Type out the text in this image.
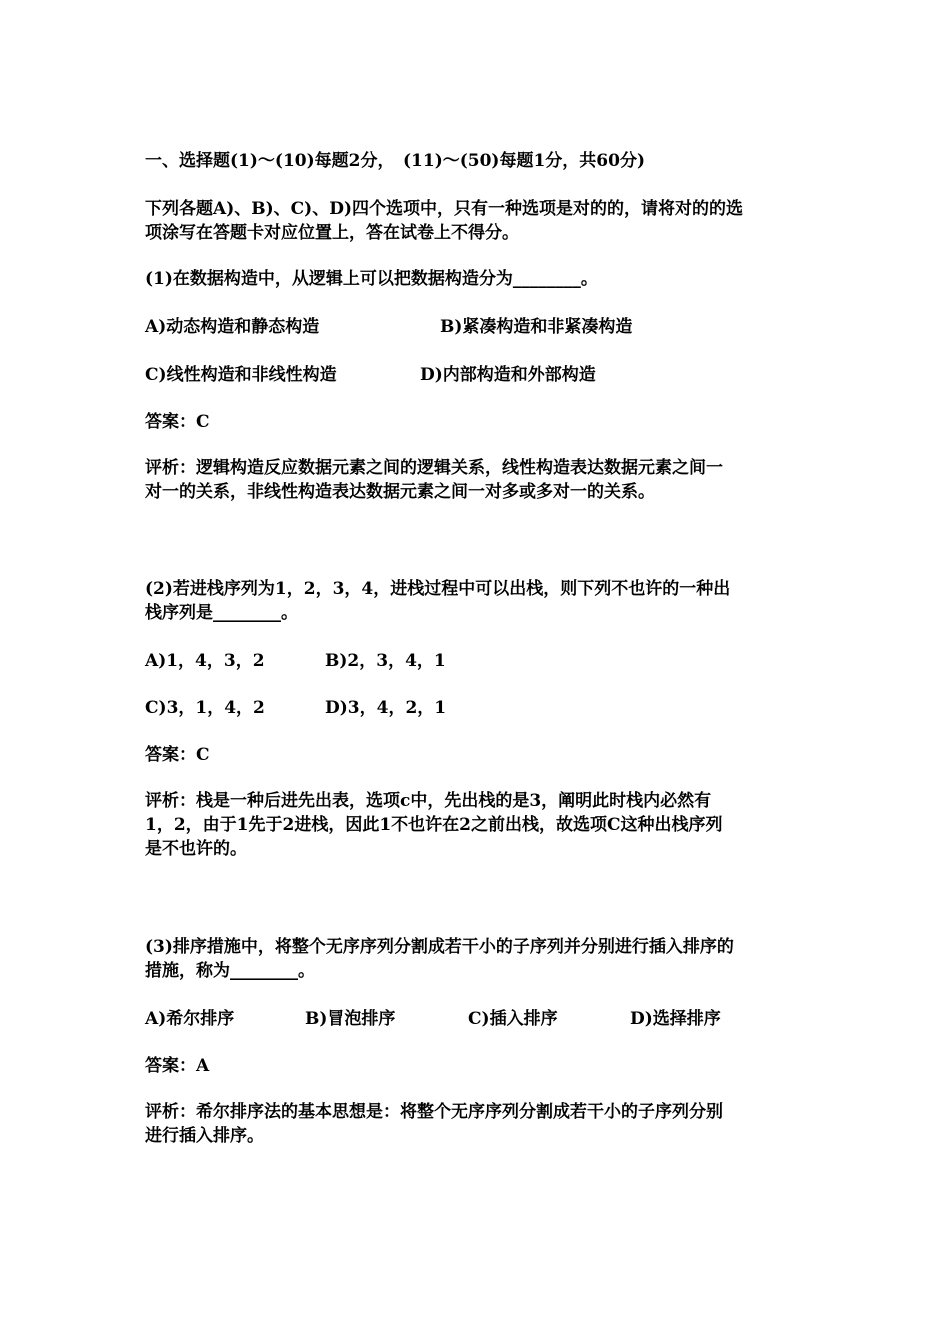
一、选择题(1)～(10)每题2分，　(11)～(50)每题1分，共60分)
下列各题A)、B)、C)、D)四个选项中，只有一种选项是对的的，请将对的的选
项涂写在答题卡对应位置上，答在试卷上不得分。
(1)在数据构造中，从逻辑上可以把数据构造分为________。
A)动态构造和静态构造	B)紧凑构造和非紧凑构造
C)线性构造和非线性构造	D)内部构造和外部构造
答案：C
评析：逻辑构造反应数据元素之间的逻辑关系，线性构造表达数据元素之间一
对一的关系，非线性构造表达数据元素之间一对多或多对一的关系。
(2)若进栈序列为1，2，3，4，进栈过程中可以出栈，则下列不也许的一种出
栈序列是________。
A)1，4，3，2	B)2，3，4，1
C)3，1，4，2	D)3，4，2，1
答案：C
评析：栈是一种后进先出表，选项c中，先出栈的是3，阐明此时栈内必然有
1，2，由于1先于2进栈，因此1不也许在2之前出栈，故选项C这种出栈序列
是不也许的。
(3)排序措施中，将整个无序序列分割成若干小的子序列并分别进行插入排序的
措施，称为________。
A)希尔排序	B)冒泡排序	C)插入排序	D)选择排序
答案：A
评析：希尔排序法的基本思想是：将整个无序序列分割成若干小的子序列分别
进行插入排序。
